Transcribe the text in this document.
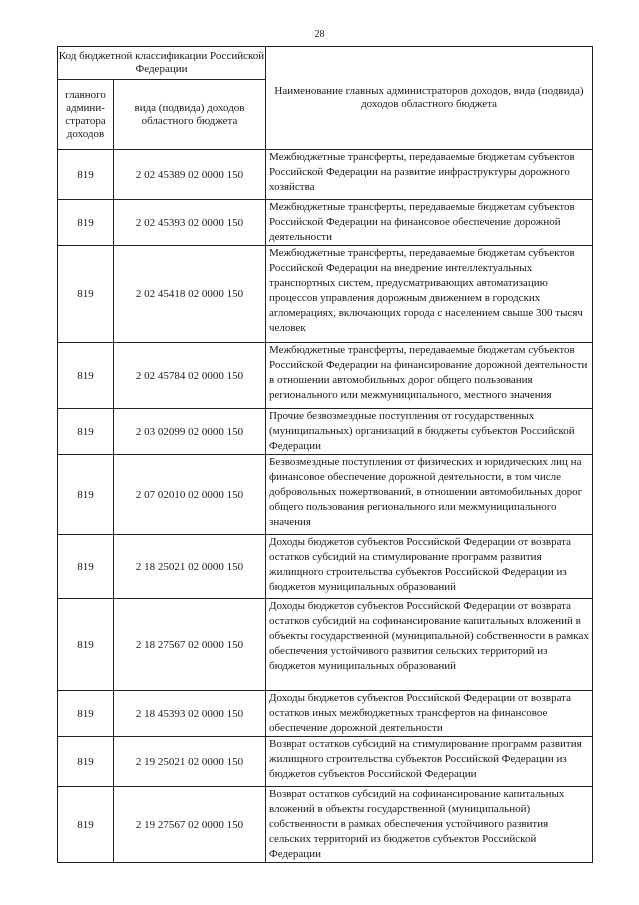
28
Код бюджетной классификации Российской Федерации		Наименование главных администраторов доходов, вида (подвида) доходов областного бюджета
главного админи-стратора доходов	вида (подвида) доходов областного бюджета	
819	2 02 45389 02 0000 150	Межбюджетные трансферты, передаваемые бюджетам субъектов Российской Федерации на развитие инфраструктуры дорожного хозяйства
819	2 02 45393 02 0000 150	Межбюджетные трансферты, передаваемые бюджетам субъектов Российской Федерации на финансовое обеспечение дорожной деятельности
819	2 02 45418 02 0000 150	Межбюджетные трансферты, передаваемые бюджетам субъектов Российской Федерации на внедрение интеллектуальных транспортных систем, предусматривающих автоматизацию процессов управления дорожным движением в городских агломерациях, включающих города с населением свыше 300 тысяч человек
819	2 02 45784 02 0000 150	Межбюджетные трансферты, передаваемые бюджетам субъектов Российской Федерации на финансирование дорожной деятельности в отношении автомобильных дорог общего пользования регионального или межмуниципального, местного значения
819	2 03 02099 02 0000 150	Прочие безвозмездные поступления от государственных (муниципальных) организаций в бюджеты субъектов Российской Федерации
819	2 07 02010 02 0000 150	Безвозмездные поступления от физических и юридических лиц на финансовое обеспечение дорожной деятельности, в том числе добровольных пожертвований, в отношении автомобильных дорог общего пользования регионального или межмуниципального значения
819	2 18 25021 02 0000 150	Доходы бюджетов субъектов Российской Федерации от возврата остатков субсидий на стимулирование программ развития жилищного строительства субъектов Российской Федерации из бюджетов муниципальных образований
819	2 18 27567 02 0000 150	Доходы бюджетов субъектов Российской Федерации от возврата остатков субсидий на софинансирование капитальных вложений в объекты государственной (муниципальной) собственности в рамках обеспечения устойчивого развития сельских территорий из бюджетов муниципальных образований
819	2 18 45393 02 0000 150	Доходы бюджетов субъектов Российской Федерации от возврата остатков иных межбюджетных трансфертов на финансовое обеспечение дорожной деятельности
819	2 19 25021 02 0000 150	Возврат остатков субсидий на стимулирование программ развития жилищного строительства субъектов Российской Федерации из бюджетов субъектов Российской Федерации
819	2 19 27567 02 0000 150	Возврат остатков субсидий на софинансирование капитальных вложений в объекты государственной (муниципальной) собственности в рамках обеспечения устойчивого развития сельских территорий из бюджетов субъектов Российской Федерации
